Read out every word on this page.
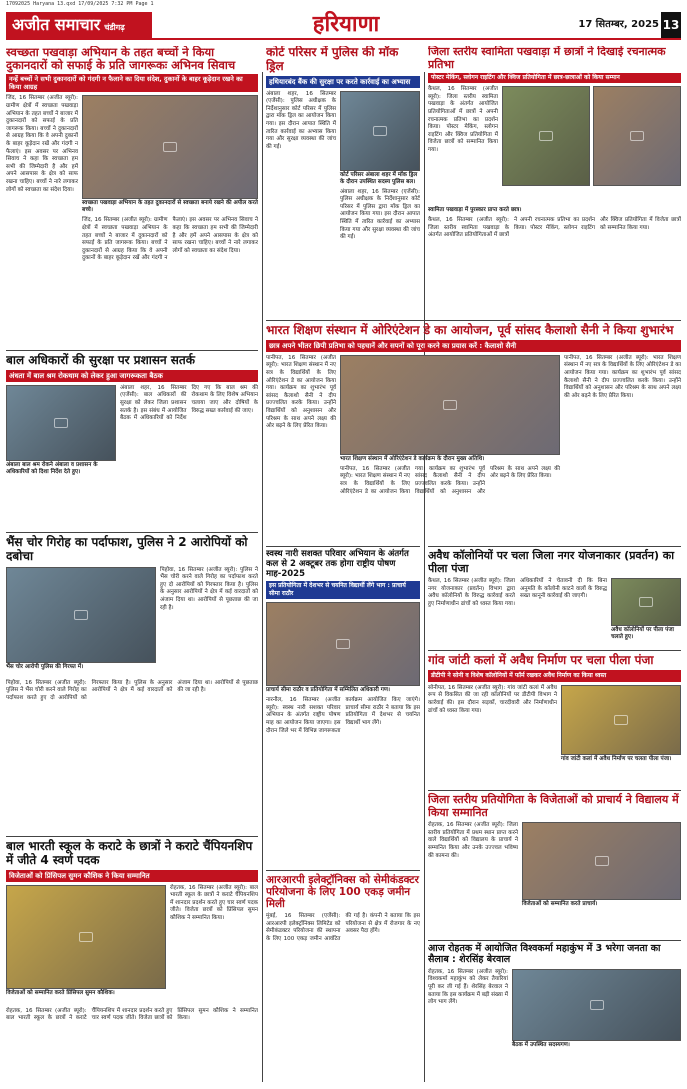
17092025 Haryana 13.qxd 17/09/2025 7:32 PM Page 1
अजीत समाचार चंडीगढ़	हरियाणा	17 सितम्बर, 2025 13
स्वच्छता पखवाड़ा अभियान के तहत बच्चों ने किया दुकानदारों को सफाई के प्रति जागरूकः अभिनव सिवाच
नन्हें बच्चों ने सभी दुकानदारों को गंदगी न फैलाने का दिया संदेश, दुकानों के बाहर कूड़ेदान रखने का किया आग्रह
जिंद, 16 सितम्बर (अजीत ब्यूरो): ग्रामीण क्षेत्रों में स्वच्छता पखवाड़ा अभियान के तहत बच्चों ने बाजार में दुकानदारों को सफाई के प्रति जागरूक किया। बच्चों ने दुकानदारों से आग्रह किया कि वे अपनी दुकानों के बाहर कूड़ेदान रखें और गंदगी न फैलाएं। इस अवसर पर अभिनव सिवाच ने कहा कि स्वच्छता हम सभी की जिम्मेदारी है और हमें अपने आसपास के क्षेत्र को साफ रखना चाहिए। बच्चों ने नारे लगाकर लोगों को स्वच्छता का संदेश दिया।
स्वच्छता पखवाड़ा अभियान के तहत दुकानदारों से स्वच्छता बनाये रखने की अपील करते बच्चे।
जिंद, 16 सितम्बर (अजीत ब्यूरो): ग्रामीण क्षेत्रों में स्वच्छता पखवाड़ा अभियान के तहत बच्चों ने बाजार में दुकानदारों को सफाई के प्रति जागरूक किया। बच्चों ने दुकानदारों से आग्रह किया कि वे अपनी दुकानों के बाहर कूड़ेदान रखें और गंदगी न फैलाएं। इस अवसर पर अभिनव सिवाच ने कहा कि स्वच्छता हम सभी की जिम्मेदारी है और हमें अपने आसपास के क्षेत्र को साफ रखना चाहिए। बच्चों ने नारे लगाकर लोगों को स्वच्छता का संदेश दिया।
बाल अधिकारों की सुरक्षा पर प्रशासन सतर्क
अंधता में बाल श्रम रोकथाम को लेकर हुआ जागरूकता बैठक
अंबाला बाल श्रम रोकने अंबाला व प्रशासन के अधिकारियों को दिशा निर्देश देते हुए।
अंबाला शहर, 16 सितम्बर (एजेंसी): बाल अधिकारों की सुरक्षा को लेकर जिला प्रशासन सतर्क है। इस संबंध में आयोजित बैठक में अधिकारियों को निर्देश दिए गए कि बाल श्रम की रोकथाम के लिए विशेष अभियान चलाया जाए और दोषियों के विरुद्ध सख्त कार्रवाई की जाए।
भैंस चोर गिरोह का पर्दाफाश, पुलिस ने 2 आरोपियों को दबोचा
भैंस चोर आरोपी पुलिस की गिरफ्त में।
पिहोवा, 16 सितम्बर (अजीत ब्यूरो): पुलिस ने भैंस चोरी करने वाले गिरोह का पर्दाफाश करते हुए दो आरोपियों को गिरफ्तार किया है। पुलिस के अनुसार आरोपियों ने क्षेत्र में कई वारदातों को अंजाम दिया था। आरोपियों से पूछताछ की जा रही है।
पिहोवा, 16 सितम्बर (अजीत ब्यूरो): पुलिस ने भैंस चोरी करने वाले गिरोह का पर्दाफाश करते हुए दो आरोपियों को गिरफ्तार किया है। पुलिस के अनुसार आरोपियों ने क्षेत्र में कई वारदातों को अंजाम दिया था। आरोपियों से पूछताछ की जा रही है।
बाल भारती स्कूल के कराटे के छात्रों ने कराटे चैंपियनशिप में जीते 4 स्वर्ण पदक
विजेताओं को प्रिंसिपल सुमन कौशिक ने किया सम्मानित
विजेताओं को सम्मानित करते प्रिंसिपल सुमन कौशिक।
रोहतक, 16 सितम्बर (अजीत ब्यूरो): बाल भारती स्कूल के छात्रों ने कराटे चैंपियनशिप में शानदार प्रदर्शन करते हुए चार स्वर्ण पदक जीते। विजेता छात्रों को प्रिंसिपल सुमन कौशिक ने सम्मानित किया।
रोहतक, 16 सितम्बर (अजीत ब्यूरो): बाल भारती स्कूल के छात्रों ने कराटे चैंपियनशिप में शानदार प्रदर्शन करते हुए चार स्वर्ण पदक जीते। विजेता छात्रों को प्रिंसिपल सुमन कौशिक ने सम्मानित किया।
कोर्ट परिसर में पुलिस की मॉक ड्रिल
हथियारबंद बैंक की सुरक्षा पर करते कार्रवाई का अभ्यास
अंबाला शहर, 16 सितम्बर (एजेंसी): पुलिस अधीक्षक के निर्देशानुसार कोर्ट परिसर में पुलिस द्वारा मॉक ड्रिल का आयोजन किया गया। इस दौरान आपात स्थिति में त्वरित कार्रवाई का अभ्यास किया गया और सुरक्षा व्यवस्था की जांच की गई।
कोर्ट परिसर अंबाला शहर में मॉक ड्रिल के दौरान उपस्थित सदस्य पुलिस बल।
अंबाला शहर, 16 सितम्बर (एजेंसी): पुलिस अधीक्षक के निर्देशानुसार कोर्ट परिसर में पुलिस द्वारा मॉक ड्रिल का आयोजन किया गया। इस दौरान आपात स्थिति में त्वरित कार्रवाई का अभ्यास किया गया और सुरक्षा व्यवस्था की जांच की गई।
जिला स्तरीय स्वामिता पखवाड़ा में छात्रों ने दिखाई रचनात्मक प्रतिभा
पोस्टर मेकिंग, स्लोगन राइटिंग और क्विज प्रतियोगिता में छात्र-छात्राओं को किया सम्मान
कैथल, 16 सितम्बर (अजीत ब्यूरो): जिला स्तरीय स्वामिता पखवाड़ा के अंतर्गत आयोजित प्रतियोगिताओं में छात्रों ने अपनी रचनात्मक प्रतिभा का प्रदर्शन किया। पोस्टर मेकिंग, स्लोगन राइटिंग और क्विज प्रतियोगिता में विजेता छात्रों को सम्मानित किया गया।
स्वामिता पखवाड़ा में पुरस्कार प्राप्त करते छात्र।
कैथल, 16 सितम्बर (अजीत ब्यूरो): जिला स्तरीय स्वामिता पखवाड़ा के अंतर्गत आयोजित प्रतियोगिताओं में छात्रों ने अपनी रचनात्मक प्रतिभा का प्रदर्शन किया। पोस्टर मेकिंग, स्लोगन राइटिंग और क्विज प्रतियोगिता में विजेता छात्रों को सम्मानित किया गया।
भारत शिक्षण संस्थान में ओरिएंटेशन डे का आयोजन, पूर्व सांसद कैलाशो सैनी ने किया शुभारंभ
छात्र अपने भीतर छिपी प्रतिभा को पहचानें और सपनों को पूरा करने का प्रयास करें : कैलाशो सैनी
पानीपत, 16 सितम्बर (अजीत ब्यूरो): भारत शिक्षण संस्थान में नए सत्र के विद्यार्थियों के लिए ओरिएंटेशन डे का आयोजन किया गया। कार्यक्रम का शुभारंभ पूर्व सांसद कैलाशो सैनी ने दीप प्रज्ज्वलित करके किया। उन्होंने विद्यार्थियों को अनुशासन और परिश्रम के साथ अपने लक्ष्य की ओर बढ़ने के लिए प्रेरित किया।
भारत शिक्षण संस्थान में ओरिएंटेशन डे कार्यक्रम के दौरान मुख्य अतिथि।
पानीपत, 16 सितम्बर (अजीत ब्यूरो): भारत शिक्षण संस्थान में नए सत्र के विद्यार्थियों के लिए ओरिएंटेशन डे का आयोजन किया गया। कार्यक्रम का शुभारंभ पूर्व सांसद कैलाशो सैनी ने दीप प्रज्ज्वलित करके किया। उन्होंने विद्यार्थियों को अनुशासन और परिश्रम के साथ अपने लक्ष्य की ओर बढ़ने के लिए प्रेरित किया।
पानीपत, 16 सितम्बर (अजीत ब्यूरो): भारत शिक्षण संस्थान में नए सत्र के विद्यार्थियों के लिए ओरिएंटेशन डे का आयोजन किया गया। कार्यक्रम का शुभारंभ पूर्व सांसद कैलाशो सैनी ने दीप प्रज्ज्वलित करके किया। उन्होंने विद्यार्थियों को अनुशासन और परिश्रम के साथ अपने लक्ष्य की ओर बढ़ने के लिए प्रेरित किया।
अवैध कॉलोनियों पर चला जिला नगर योजनाकार (प्रवर्तन) का पीला पंजा
कैथल, 16 सितम्बर (अजीत ब्यूरो): जिला नगर योजनाकार (प्रवर्तन) विभाग द्वारा अवैध कॉलोनियों के विरुद्ध कार्रवाई करते हुए निर्माणाधीन ढांचों को ध्वस्त किया गया। अधिकारियों ने चेतावनी दी कि बिना अनुमति के कॉलोनी काटने वालों के विरुद्ध सख्त कानूनी कार्रवाई की जाएगी।
अवैध कॉलोनियों पर पीला पंजा चलाते हुए।
गांव जांटी कलां में अवैध निर्माण पर चला पीला पंजा
डीटीपी ने सोनी व विशेष कॉलोनियों में फॉर्म रखकर अवैध निर्माण का किया ध्वस्त
सोनीपत, 16 सितम्बर (अजीत ब्यूरो): गांव जांटी कलां में अवैध रूप से विकसित की जा रही कॉलोनियों पर डीटीपी विभाग ने कार्रवाई की। इस दौरान सड़कों, चारदीवारी और निर्माणाधीन ढांचों को ध्वस्त किया गया।
गांव जांटी कलां में अवैध निर्माण पर चलता पीला पंजा।
जिला स्तरीय प्रतियोगिता के विजेताओं को प्राचार्य ने विद्यालय में किया सम्मानित
रोहतक, 16 सितम्बर (अजीत ब्यूरो): जिला स्तरीय प्रतियोगिता में प्रथम स्थान प्राप्त करने वाले विद्यार्थियों को विद्यालय के प्राचार्य ने सम्मानित किया और उनके उज्ज्वल भविष्य की कामना की।
विजेताओं को सम्मानित करते प्राचार्य।
आज रोहतक में आयोजित विश्वकर्मा महाकुंभ में 3 भरेगा जनता का सैलाब : शेरसिंह बेरवाल
रोहतक, 16 सितम्बर (अजीत ब्यूरो): विश्वकर्मा महाकुंभ को लेकर तैयारियां पूरी कर ली गई हैं। शेरसिंह बेरवाल ने बताया कि इस कार्यक्रम में बड़ी संख्या में लोग भाग लेंगे।
बैठक में उपस्थित सदस्यगण।
स्वस्थ नारी सशक्त परिवार अभियान के अंतर्गत कल से 2 अक्टूबर तक होगा राष्ट्रीय पोषण माह-2025
इस प्रतियोगिता में देशभर से चयनित विद्यार्थी लेंगे भाग : प्राचार्य सीमा राठौर
प्राचार्य सीमा राठौर व प्रतियोगिता में सम्मिलित अधिकारी गण।
नारनौल, 16 सितम्बर (अजीत ब्यूरो): स्वस्थ नारी सशक्त परिवार अभियान के अंतर्गत राष्ट्रीय पोषण माह का आयोजन किया जाएगा। इस दौरान जिले भर में विभिन्न जागरूकता कार्यक्रम आयोजित किए जाएंगे। प्राचार्य सीमा राठौर ने बताया कि इस प्रतियोगिता में देशभर से चयनित विद्यार्थी भाग लेंगे।
आरआरपी इलेक्ट्रॉनिक्स को सेमीकंडक्टर परियोजना के लिए 100 एकड़ जमीन मिली
मुंबई, 16 सितम्बर (एजेंसी): आरआरपी इलेक्ट्रॉनिक्स लिमिटेड को सेमीकंडक्टर परियोजना की स्थापना के लिए 100 एकड़ जमीन आवंटित की गई है। कंपनी ने बताया कि इस परियोजना से क्षेत्र में रोजगार के नए अवसर पैदा होंगे।
